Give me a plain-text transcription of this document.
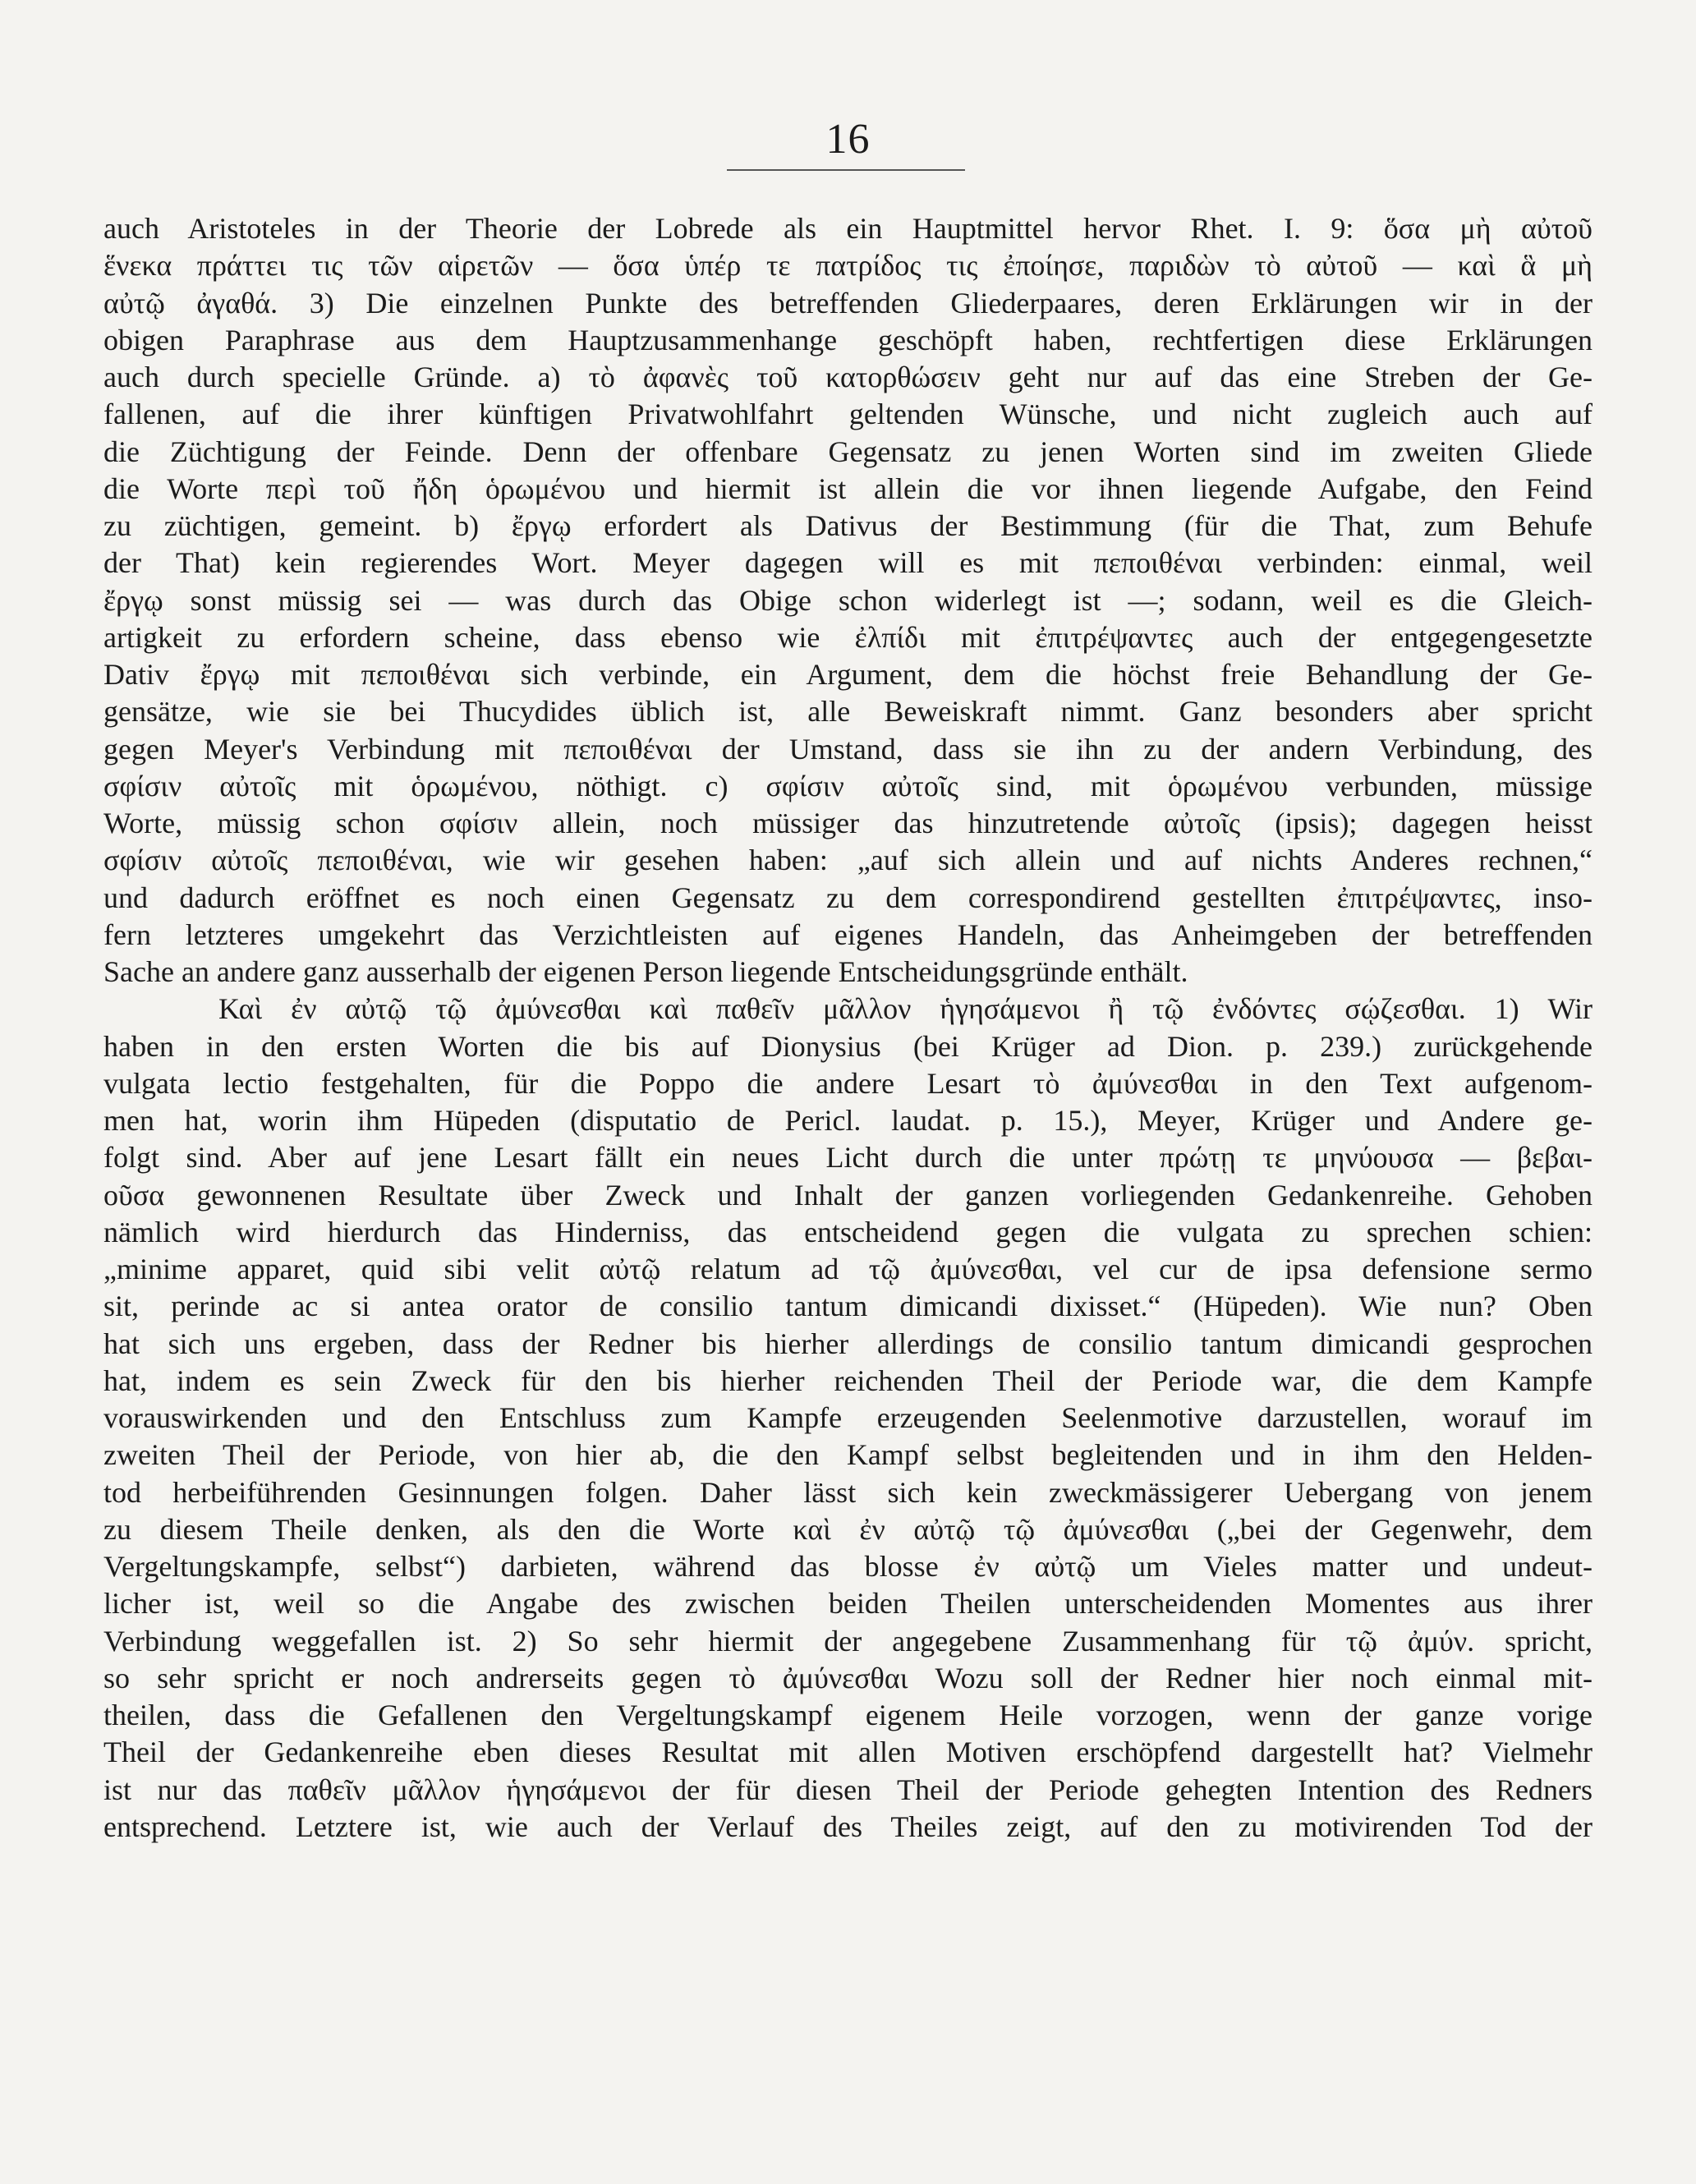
16
auch Aristoteles in der Theorie der Lobrede als ein Hauptmittel hervor Rhet. I. 9: ὅσα μὴ αὐτοῦ
ἕνεκα πράττει τις τῶν αἱρετῶν — ὅσα ὑπέρ τε πατρίδος τις ἐποίησε, παριδὼν τὸ αὐτοῦ — καὶ ἃ μὴ
αὐτῷ ἀγαθά. 3) Die einzelnen Punkte des betreffenden Gliederpaares, deren Erklärungen wir in der
obigen Paraphrase aus dem Hauptzusammenhange geschöpft haben, rechtfertigen diese Erklärungen
auch durch specielle Gründe. a) τὸ ἀφανὲς τοῦ κατορθώσειν geht nur auf das eine Streben der Ge-
fallenen, auf die ihrer künftigen Privatwohlfahrt geltenden Wünsche, und nicht zugleich auch auf
die Züchtigung der Feinde. Denn der offenbare Gegensatz zu jenen Worten sind im zweiten Gliede
die Worte περὶ τοῦ ἤδη ὁρωμένου und hiermit ist allein die vor ihnen liegende Aufgabe, den Feind
zu züchtigen, gemeint. b) ἔργῳ erfordert als Dativus der Bestimmung (für die That, zum Behufe
der That) kein regierendes Wort. Meyer dagegen will es mit πεποιθέναι verbinden: einmal, weil
ἔργῳ sonst müssig sei — was durch das Obige schon widerlegt ist —; sodann, weil es die Gleich-
artigkeit zu erfordern scheine, dass ebenso wie ἐλπίδι mit ἐπιτρέψαντες auch der entgegengesetzte
Dativ ἔργῳ mit πεποιθέναι sich verbinde, ein Argument, dem die höchst freie Behandlung der Ge-
gensätze, wie sie bei Thucydides üblich ist, alle Beweiskraft nimmt. Ganz besonders aber spricht
gegen Meyer's Verbindung mit πεποιθέναι der Umstand, dass sie ihn zu der andern Verbindung, des
σφίσιν αὐτοῖς mit ὁρωμένου, nöthigt. c) σφίσιν αὐτοῖς sind, mit ὁρωμένου verbunden, müssige
Worte, müssig schon σφίσιν allein, noch müssiger das hinzutretende αὐτοῖς (ipsis); dagegen heisst
σφίσιν αὐτοῖς πεποιθέναι, wie wir gesehen haben: „auf sich allein und auf nichts Anderes rechnen,“
und dadurch eröffnet es noch einen Gegensatz zu dem correspondirend gestellten ἐπιτρέψαντες, inso-
fern letzteres umgekehrt das Verzichtleisten auf eigenes Handeln, das Anheimgeben der betreffenden
Sache an andere ganz ausserhalb der eigenen Person liegende Entscheidungsgründe enthält.
Καὶ ἐν αὐτῷ τῷ ἀμύνεσθαι καὶ παθεῖν μᾶλλον ἡγησάμενοι ἢ τῷ ἐνδόντες σῴζεσθαι. 1) Wir
haben in den ersten Worten die bis auf Dionysius (bei Krüger ad Dion. p. 239.) zurückgehende
vulgata lectio festgehalten, für die Poppo die andere Lesart τὸ ἀμύνεσθαι in den Text aufgenom-
men hat, worin ihm Hüpeden (disputatio de Pericl. laudat. p. 15.), Meyer, Krüger und Andere ge-
folgt sind. Aber auf jene Lesart fällt ein neues Licht durch die unter πρώτῃ τε μηνύουσα — βεβαι-
οῦσα gewonnenen Resultate über Zweck und Inhalt der ganzen vorliegenden Gedankenreihe. Gehoben
nämlich wird hierdurch das Hinderniss, das entscheidend gegen die vulgata zu sprechen schien:
„minime apparet, quid sibi velit αὐτῷ relatum ad τῷ ἀμύνεσθαι, vel cur de ipsa defensione sermo
sit, perinde ac si antea orator de consilio tantum dimicandi dixisset.“ (Hüpeden). Wie nun? Oben
hat sich uns ergeben, dass der Redner bis hierher allerdings de consilio tantum dimicandi gesprochen
hat, indem es sein Zweck für den bis hierher reichenden Theil der Periode war, die dem Kampfe
vorauswirkenden und den Entschluss zum Kampfe erzeugenden Seelenmotive darzustellen, worauf im
zweiten Theil der Periode, von hier ab, die den Kampf selbst begleitenden und in ihm den Helden-
tod herbeiführenden Gesinnungen folgen. Daher lässt sich kein zweckmässigerer Uebergang von jenem
zu diesem Theile denken, als den die Worte καὶ ἐν αὐτῷ τῷ ἀμύνεσθαι („bei der Gegenwehr, dem
Vergeltungskampfe, selbst“) darbieten, während das blosse ἐν αὐτῷ um Vieles matter und undeut-
licher ist, weil so die Angabe des zwischen beiden Theilen unterscheidenden Momentes aus ihrer
Verbindung weggefallen ist. 2) So sehr hiermit der angegebene Zusammenhang für τῷ ἀμύν. spricht,
so sehr spricht er noch andrerseits gegen τὸ ἀμύνεσθαι Wozu soll der Redner hier noch einmal mit-
theilen, dass die Gefallenen den Vergeltungskampf eigenem Heile vorzogen, wenn der ganze vorige
Theil der Gedankenreihe eben dieses Resultat mit allen Motiven erschöpfend dargestellt hat? Vielmehr
ist nur das παθεῖν μᾶλλον ἡγησάμενοι der für diesen Theil der Periode gehegten Intention des Redners
entsprechend. Letztere ist, wie auch der Verlauf des Theiles zeigt, auf den zu motivirenden Tod der
